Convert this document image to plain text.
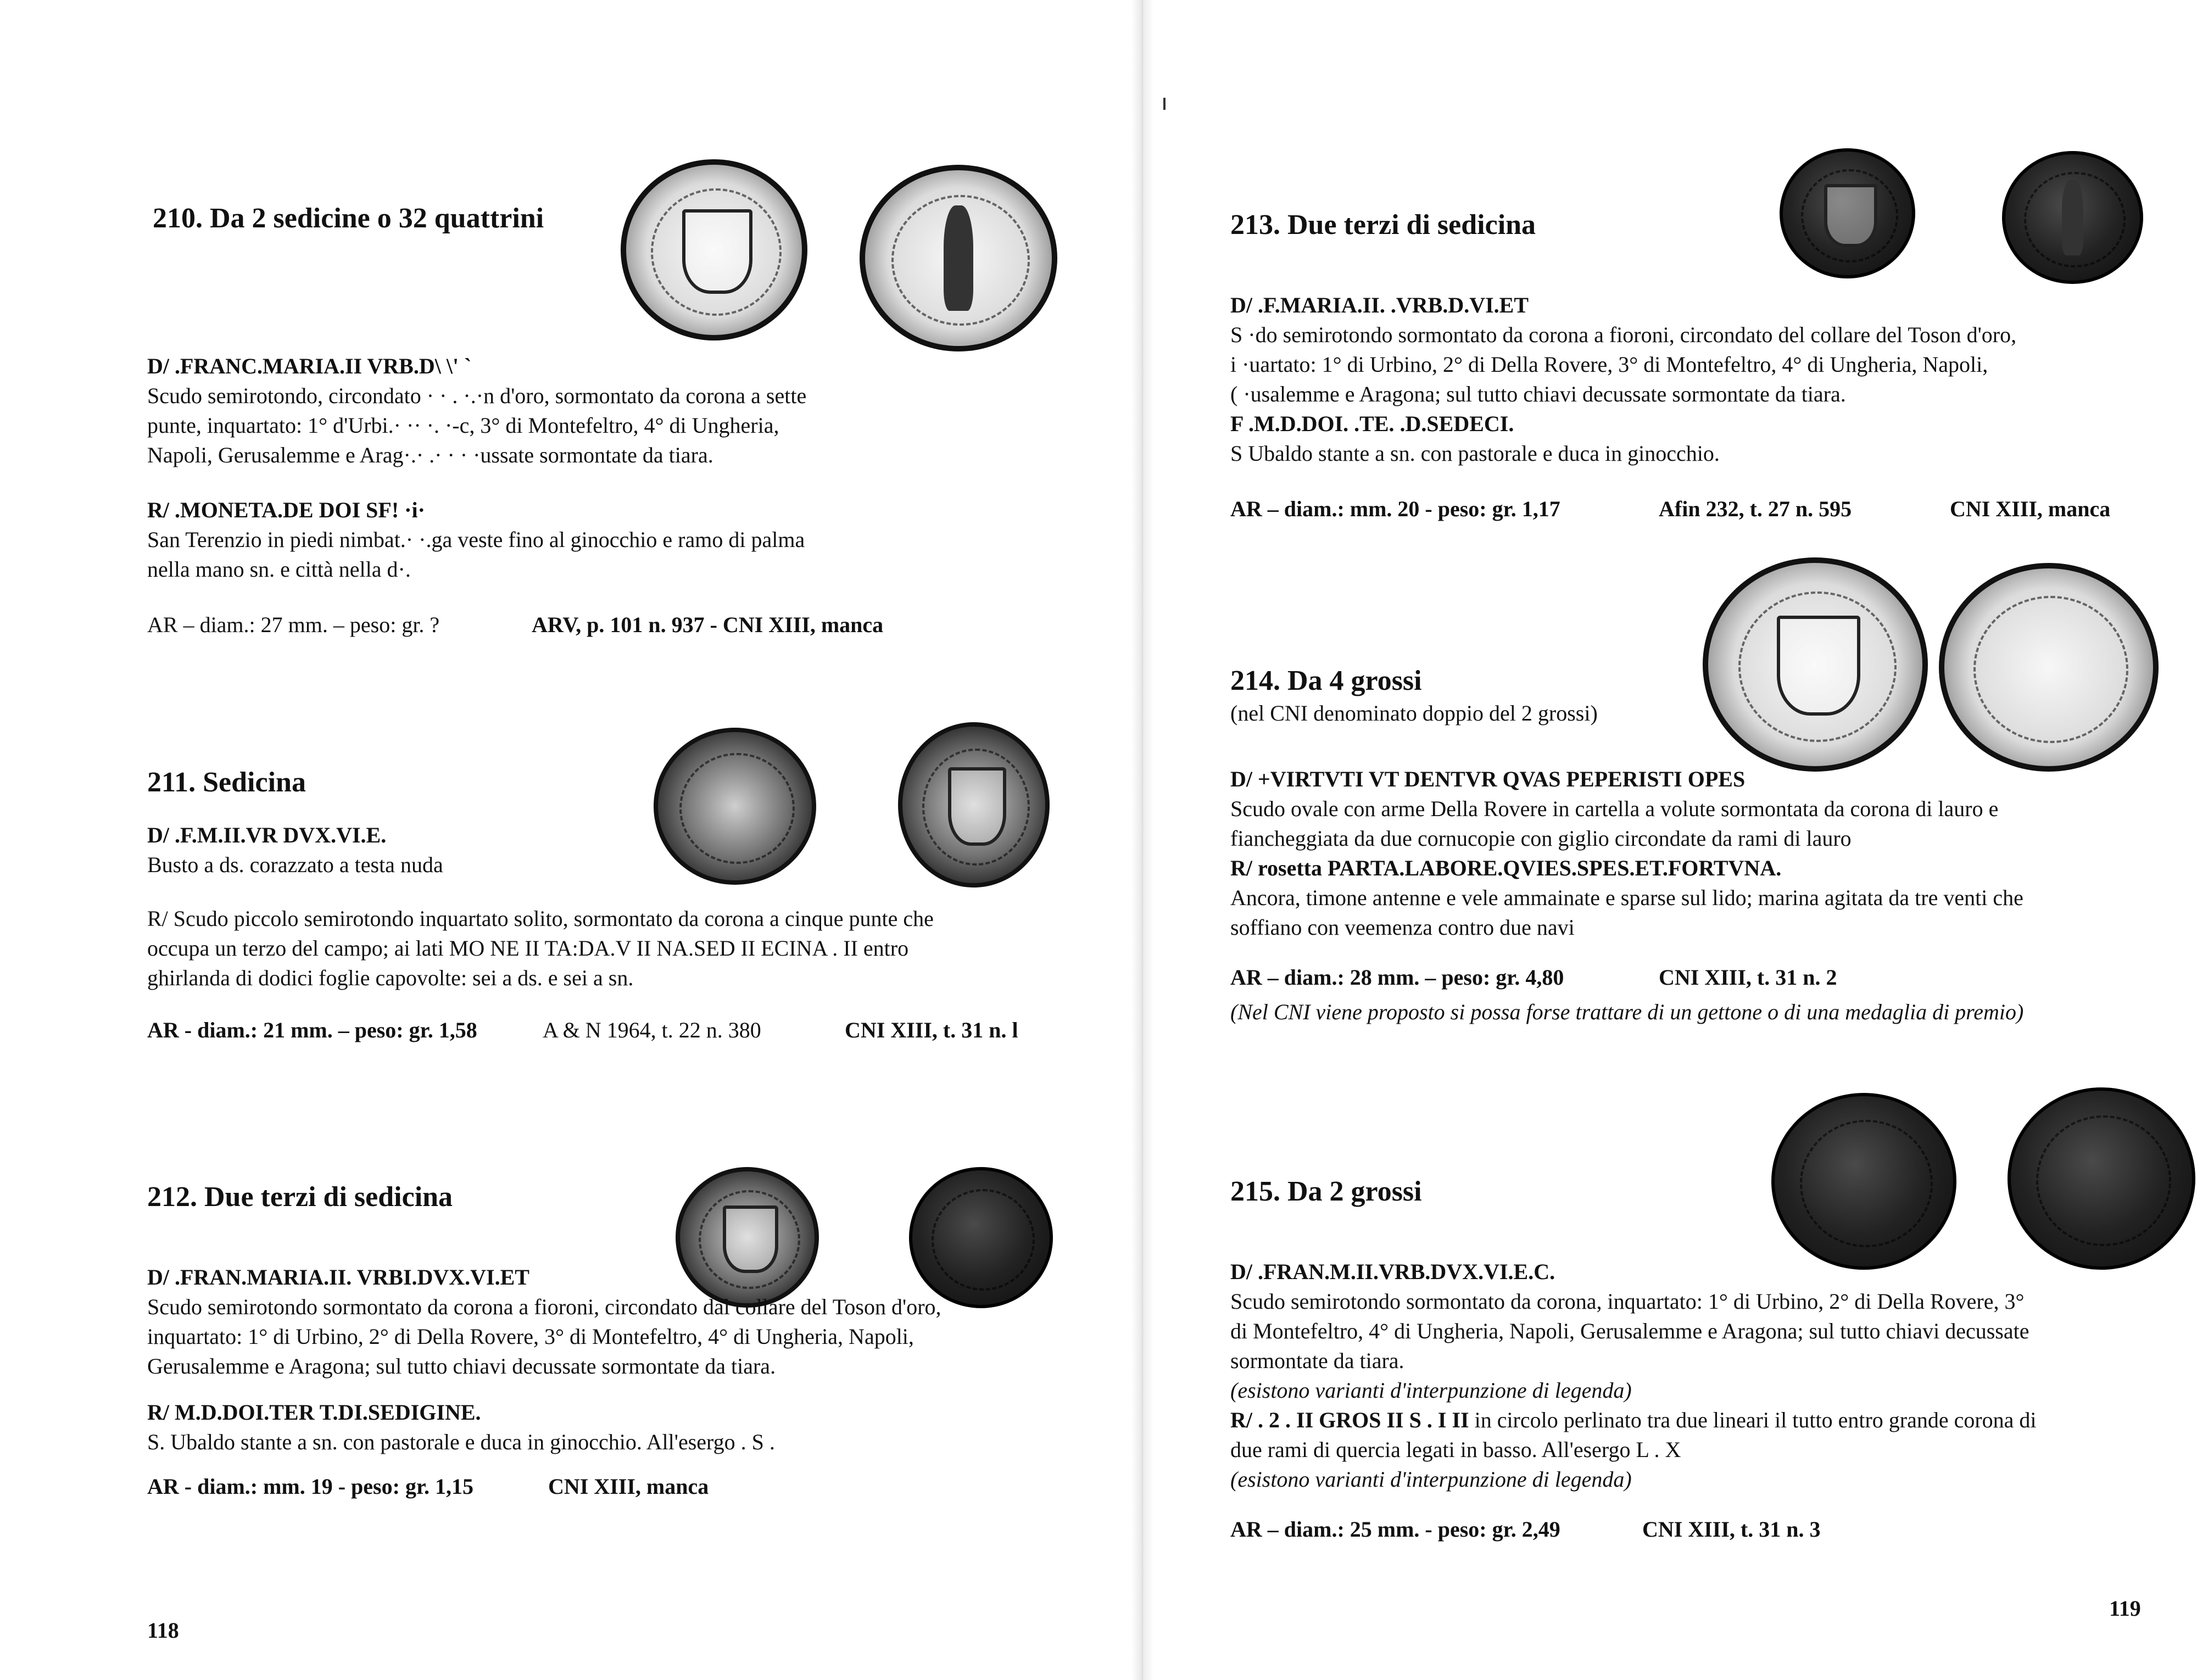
210. Da 2 sedicine o 32 quattrini
D/ .FRANC.MARIA.II VRB.D\ \' `
Scudo semirotondo, circondato · · . ·.·n d'oro, sormontato da corona a sette
punte, inquartato: 1° d'Urbi.· ·· ·. ·-c, 3° di Montefeltro, 4° di Ungheria,
Napoli, Gerusalemme e Arag·.· .· · · ·ussate sormontate da tiara.
R/ .MONETA.DE DOI SF! ·i·
San Terenzio in piedi nimbat.· ·.ga veste fino al ginocchio e ramo di palma
nella mano sn. e città nella d·.
AR – diam.: 27 mm. – peso: gr. ?	ARV, p. 101 n. 937 - CNI XIII, manca
211. Sedicina
D/ .F.M.II.VR DVX.VI.E.
Busto a ds. corazzato a testa nuda
R/ Scudo piccolo semirotondo inquartato solito, sormontato da corona a cinque punte che
occupa un terzo del campo; ai lati MO NE II TA:DA.V II NA.SED II ECINA . II entro
ghirlanda di dodici foglie capovolte: sei a ds. e sei a sn.
AR - diam.: 21 mm. – peso: gr. 1,58	A & N 1964, t. 22 n. 380	CNI XIII, t. 31 n. l
212. Due terzi di sedicina
D/ .FRAN.MARIA.II. VRBI.DVX.VI.ET
Scudo semirotondo sormontato da corona a fioroni, circondato dal collare del Toson d'oro,
inquartato: 1° di Urbino, 2° di Della Rovere, 3° di Montefeltro, 4° di Ungheria, Napoli,
Gerusalemme e Aragona; sul tutto chiavi decussate sormontate da tiara.
R/ M.D.DOI.TER T.DI.SEDIGINE.
S. Ubaldo stante a sn. con pastorale e duca in ginocchio. All'esergo . S .
AR - diam.: mm. 19 - peso: gr. 1,15	CNI XIII, manca
118
213. Due terzi di sedicina
D/ .F.MARIA.II. .VRB.D.VI.ET
S ·do semirotondo sormontato da corona a fioroni, circondato del collare del Toson d'oro,
i ·uartato: 1° di Urbino, 2° di Della Rovere, 3° di Montefeltro, 4° di Ungheria, Napoli,
( ·usalemme e Aragona; sul tutto chiavi decussate sormontate da tiara.
F .M.D.DOI. .TE. .D.SEDECI.
S Ubaldo stante a sn. con pastorale e duca in ginocchio.
AR – diam.: mm. 20 - peso: gr. 1,17	Afin 232, t. 27 n. 595	CNI XIII, manca
214. Da 4 grossi
(nel CNI denominato doppio del 2 grossi)
D/ +VIRTVTI VT DENTVR QVAS PEPERISTI OPES
Scudo ovale con arme Della Rovere in cartella a volute sormontata da corona di lauro e
fiancheggiata da due cornucopie con giglio circondate da rami di lauro
R/ rosetta PARTA.LABORE.QVIES.SPES.ET.FORTVNA.
Ancora, timone antenne e vele ammainate e sparse sul lido; marina agitata da tre venti che
soffiano con veemenza contro due navi
AR – diam.: 28 mm. – peso: gr. 4,80	CNI XIII, t. 31 n. 2
(Nel CNI viene proposto si possa forse trattare di un gettone o di una medaglia di premio)
215. Da 2 grossi
D/ .FRAN.M.II.VRB.DVX.VI.E.C.
Scudo semirotondo sormontato da corona, inquartato: 1° di Urbino, 2° di Della Rovere, 3°
di Montefeltro, 4° di Ungheria, Napoli, Gerusalemme e Aragona; sul tutto chiavi decussate
sormontate da tiara.
(esistono varianti d'interpunzione di legenda)
R/ . 2 . II GROS II S . I II in circolo perlinato tra due lineari il tutto entro grande corona di
due rami di quercia legati in basso. All'esergo L . X
(esistono varianti d'interpunzione di legenda)
AR – diam.: 25 mm. - peso: gr. 2,49	CNI XIII, t. 31 n. 3
119
